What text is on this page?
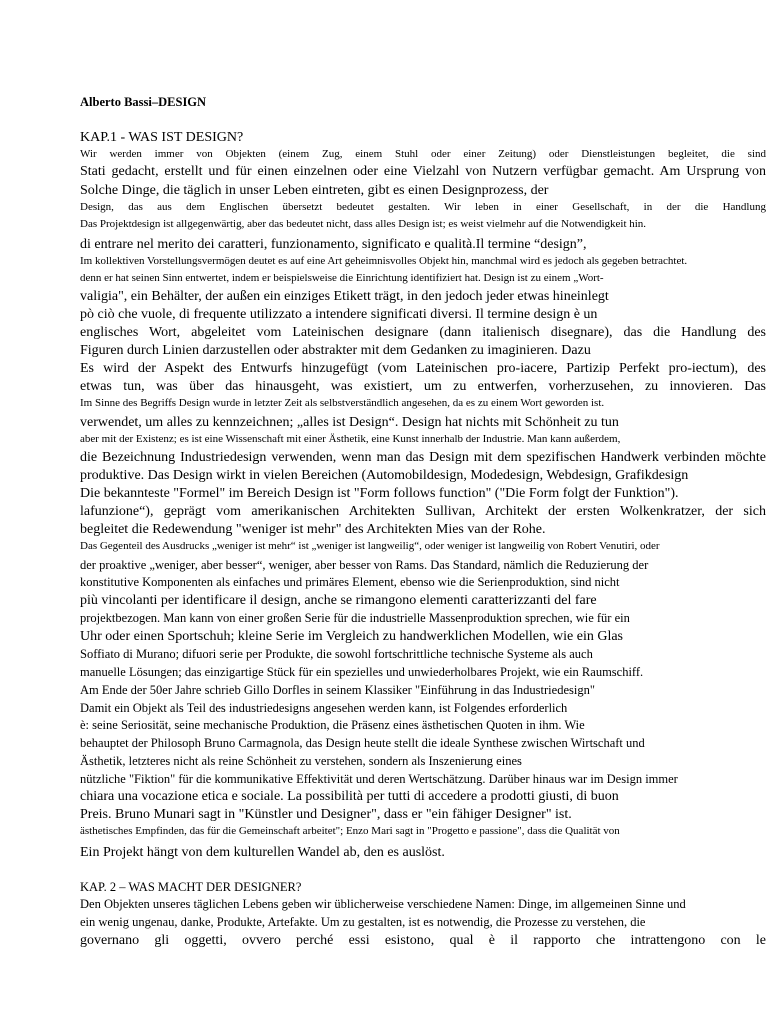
Alberto Bassi–DESIGN
KAP.1 - WAS IST DESIGN?
Wir werden immer von Objekten (einem Zug, einem Stuhl oder einer Zeitung) oder Dienstleistungen begleitet, die sind
Stati gedacht, erstellt und für einen einzelnen oder eine Vielzahl von Nutzern verfügbar gemacht. Am Ursprung von
Solche Dinge, die täglich in unser Leben eintreten, gibt es einen Designprozess, der
Design, das aus dem Englischen übersetzt bedeutet gestalten. Wir leben in einer Gesellschaft, in der die Handlung
Das Projektdesign ist allgegenwärtig, aber das bedeutet nicht, dass alles Design ist; es weist vielmehr auf die Notwendigkeit hin.
di entrare nel merito dei caratteri, funzionamento, significato e qualità.Il termine “design”,
Im kollektiven Vorstellungsvermögen deutet es auf eine Art geheimnisvolles Objekt hin, manchmal wird es jedoch als gegeben betrachtet.
denn er hat seinen Sinn entwertet, indem er beispielsweise die Einrichtung identifiziert hat. Design ist zu einem „Wort-
valigia", ein Behälter, der außen ein einziges Etikett trägt, in den jedoch jeder etwas hineinlegt
pò ciò che vuole, di frequente utilizzato a intendere significati diversi. Il termine design è un
englisches Wort, abgeleitet vom Lateinischen designare (dann italienisch disegnare), das die Handlung des
Figuren durch Linien darzustellen oder abstrakter mit dem Gedanken zu imaginieren. Dazu
Es wird der Aspekt des Entwurfs hinzugefügt (vom Lateinischen pro-iacere, Partizip Perfekt pro-iectum), des
etwas tun, was über das hinausgeht, was existiert, um zu entwerfen, vorherzusehen, zu innovieren. Das
Im Sinne des Begriffs Design wurde in letzter Zeit als selbstverständlich angesehen, da es zu einem Wort geworden ist.
verwendet, um alles zu kennzeichnen; „alles ist Design“. Design hat nichts mit Schönheit zu tun
aber mit der Existenz; es ist eine Wissenschaft mit einer Ästhetik, eine Kunst innerhalb der Industrie. Man kann außerdem,
die Bezeichnung Industriedesign verwenden, wenn man das Design mit dem spezifischen Handwerk verbinden möchte
produktive. Das Design wirkt in vielen Bereichen (Automobildesign, Modedesign, Webdesign, Grafikdesign
Die bekannteste "Formel" im Bereich Design ist "Form follows function" ("Die Form folgt der Funktion").
lafunzione“), geprägt vom amerikanischen Architekten Sullivan, Architekt der ersten Wolkenkratzer, der sich
begleitet die Redewendung "weniger ist mehr" des Architekten Mies van der Rohe.
Das Gegenteil des Ausdrucks „weniger ist mehr“ ist „weniger ist langweilig“, oder weniger ist langweilig von Robert Venutiri, oder
der proaktive „weniger, aber besser“, weniger, aber besser von Rams. Das Standard, nämlich die Reduzierung der
konstitutive Komponenten als einfaches und primäres Element, ebenso wie die Serienproduktion, sind nicht
più vincolanti per identificare il design, anche se rimangono elementi caratterizzanti del fare
projektbezogen. Man kann von einer großen Serie für die industrielle Massenproduktion sprechen, wie für ein
Uhr oder einen Sportschuh; kleine Serie im Vergleich zu handwerklichen Modellen, wie ein Glas
Soffiato di Murano; difuori serie per Produkte, die sowohl fortschrittliche technische Systeme als auch
manuelle Lösungen; das einzigartige Stück für ein spezielles und unwiederholbares Projekt, wie ein Raumschiff.
Am Ende der 50er Jahre schrieb Gillo Dorfles in seinem Klassiker "Einführung in das Industriedesign"
Damit ein Objekt als Teil des industriedesigns angesehen werden kann, ist Folgendes erforderlich
è: seine Seriosität, seine mechanische Produktion, die Präsenz eines ästhetischen Quoten in ihm. Wie
behauptet der Philosoph Bruno Carmagnola, das Design heute stellt die ideale Synthese zwischen Wirtschaft und
Ästhetik, letzteres nicht als reine Schönheit zu verstehen, sondern als Inszenierung eines
nützliche "Fiktion" für die kommunikative Effektivität und deren Wertschätzung. Darüber hinaus war im Design immer
chiara una vocazione etica e sociale. La possibilità per tutti di accedere a prodotti giusti, di buon
Preis. Bruno Munari sagt in "Künstler und Designer", dass er "ein fähiger Designer" ist.
ästhetisches Empfinden, das für die Gemeinschaft arbeitet"; Enzo Mari sagt in "Progetto e passione", dass die Qualität von
Ein Projekt hängt von dem kulturellen Wandel ab, den es auslöst.
KAP. 2 – WAS MACHT DER DESIGNER?
Den Objekten unseres täglichen Lebens geben wir üblicherweise verschiedene Namen: Dinge, im allgemeinen Sinne und
ein wenig ungenau, danke, Produkte, Artefakte. Um zu gestalten, ist es notwendig, die Prozesse zu verstehen, die
governano gli oggetti, ovvero perché essi esistono, qual è il rapporto che intrattengono con le
